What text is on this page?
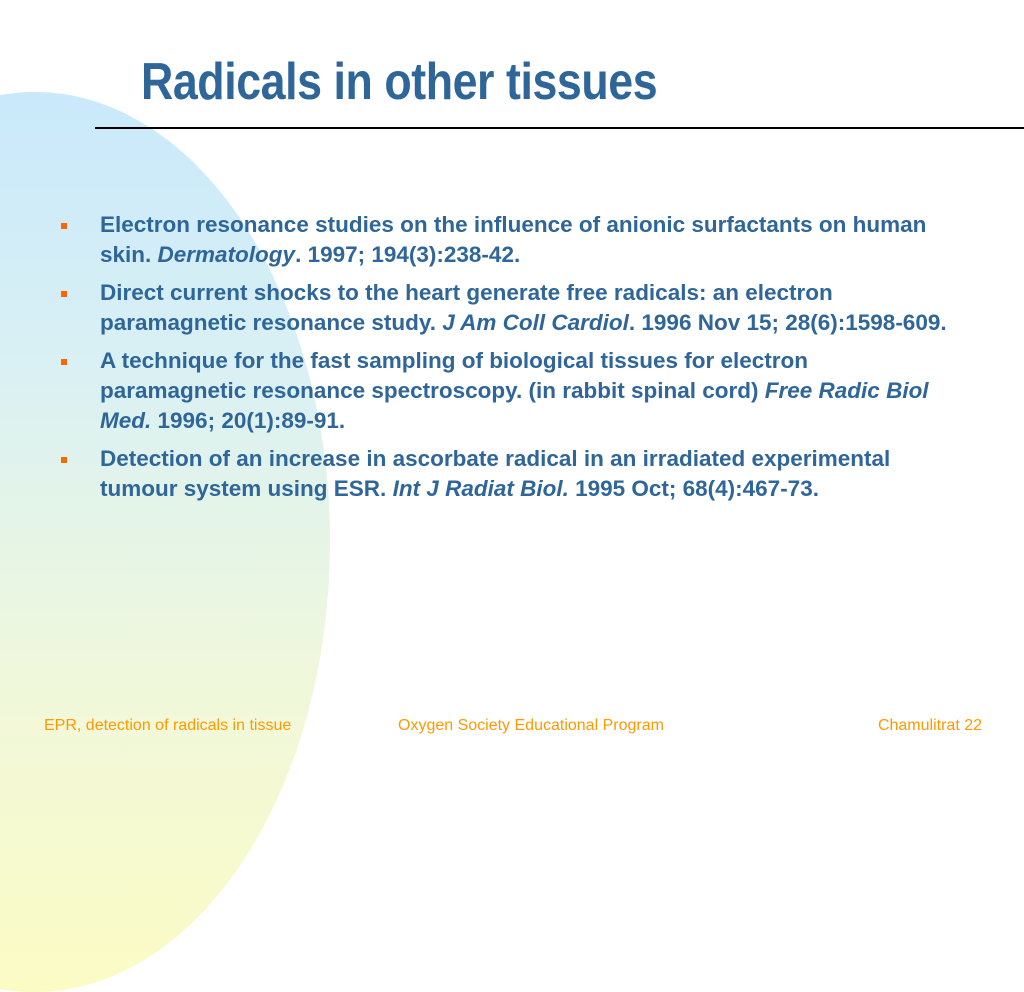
Radicals in other tissues
Electron resonance studies on the influence of anionic surfactants on human skin. Dermatology. 1997; 194(3):238-42.
Direct current shocks to the heart generate free radicals: an electron paramagnetic resonance study. J Am Coll Cardiol. 1996 Nov 15; 28(6):1598-609.
A technique for the fast sampling of biological tissues for electron paramagnetic resonance spectroscopy. (in rabbit spinal cord) Free Radic Biol Med. 1996; 20(1):89-91.
Detection of an increase in ascorbate radical in an irradiated experimental tumour system using ESR. Int J Radiat Biol. 1995 Oct; 68(4):467-73.
EPR, detection of radicals in tissue	Oxygen Society Educational Program	Chamulitrat 22
